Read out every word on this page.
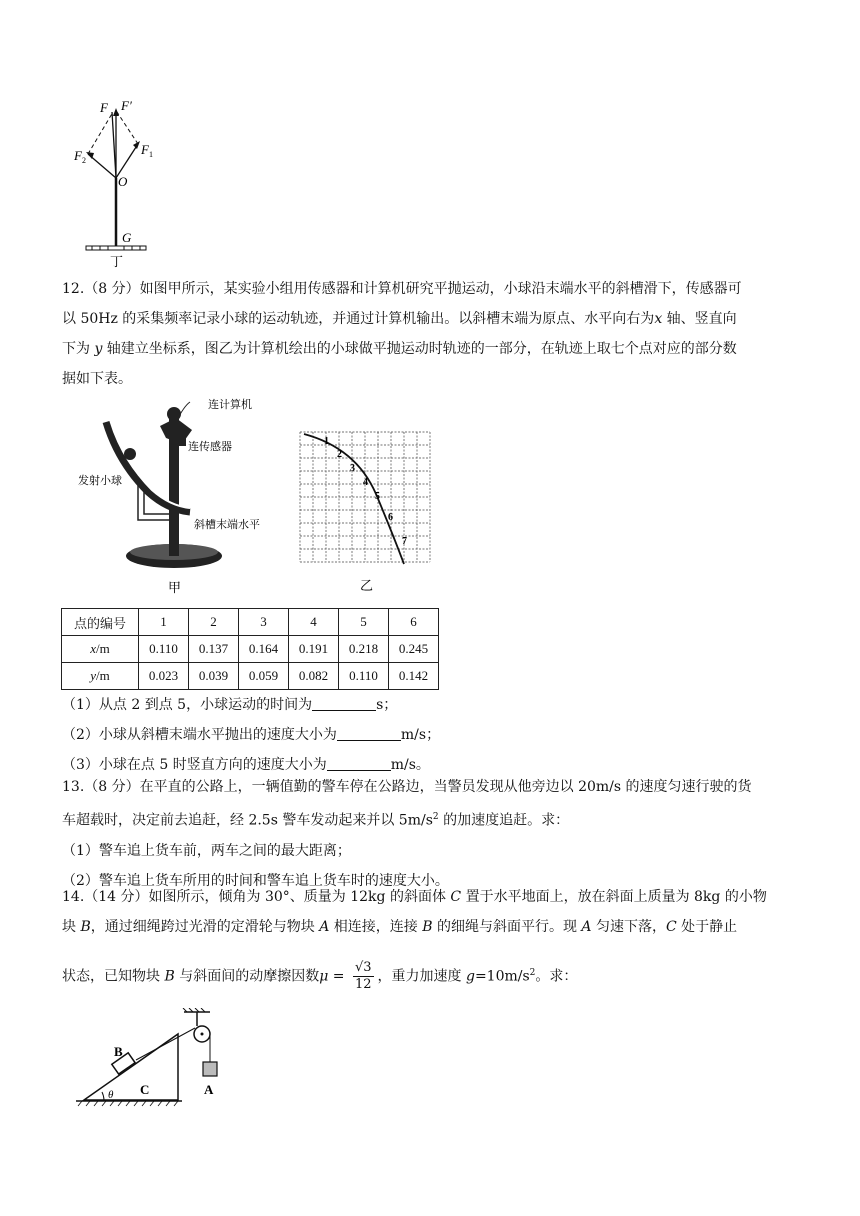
F F′
F 1
F 2
O
G
丁
12.（8 分）如图甲所示，某实验小组用传感器和计算机研究平抛运动，小球沿末端水平的斜槽滑下，传感器可
以 50Hz 的采集频率记录小球的运动轨迹，并通过计算机输出。以斜槽末端为原点、水平向右为x 轴、竖直向
下为 y 轴建立坐标系，图乙为计算机绘出的小球做平抛运动时轨迹的一部分，在轨迹上取七个点对应的部分数
据如下表。
连计算机
连传感器
发射小球
斜槽末端水平
甲
1
2
3
4
5
6
7
乙
点的编号	1	2	3	4	5	6
x/m	0.110	0.137	0.164	0.191	0.218	0.245
y/m	0.023	0.039	0.059	0.082	0.110	0.142
（1）从点 2 到点 5，小球运动的时间为	s；
（2）小球从斜槽末端水平抛出的速度大小为	m/s；
（3）小球在点 5 时竖直方向的速度大小为	m/s。
13.（8 分）在平直的公路上，一辆值勤的警车停在公路边，当警员发现从他旁边以 20m/s 的速度匀速行驶的货
车超载时，决定前去追赶，经 2.5s 警车发动起来并以 $5m/s^2$ 的加速度追赶。求：
（1）警车追上货车前，两车之间的最大距离；
（2）警车追上货车所用的时间和警车追上货车时的速度大小。
14.（14 分）如图所示，倾角为 30°、质量为 12kg 的斜面体 C 置于水平地面上，放在斜面上质量为 8kg 的小物
块 B，通过细绳跨过光滑的定滑轮与物块 A 相连接，连接 B 的细绳与斜面平行。现 A 匀速下落，C 处于静止
状态，已知物块 B 与斜面间的动摩擦因数$\mu = \frac{√3}{12}$ ，重力加速度 $g=10m/s^2$。求：
B
C	A
θ
